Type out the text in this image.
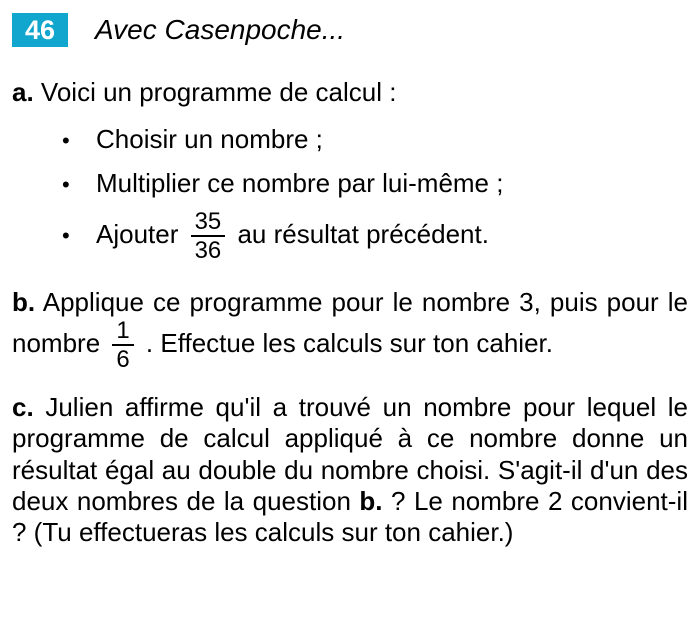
46	Avec Casenpoche...

a. Voici un programme de calcul :

• Choisir un nombre ;
• Multiplier ce nombre par lui-même ;
• Ajouter $\frac{35}{36}$ au résultat précédent.

b. Applique ce programme pour le nombre 3, puis pour le nombre $\frac{1}{6}$ . Effectue les calculs sur ton cahier.

c. Julien affirme qu'il a trouvé un nombre pour lequel le programme de calcul appliqué à ce nombre donne un résultat égal au double du nombre choisi. S'agit-il d'un des deux nombres de la question b. ? Le nombre 2 convient-il ? (Tu effectueras les calculs sur ton cahier.)
